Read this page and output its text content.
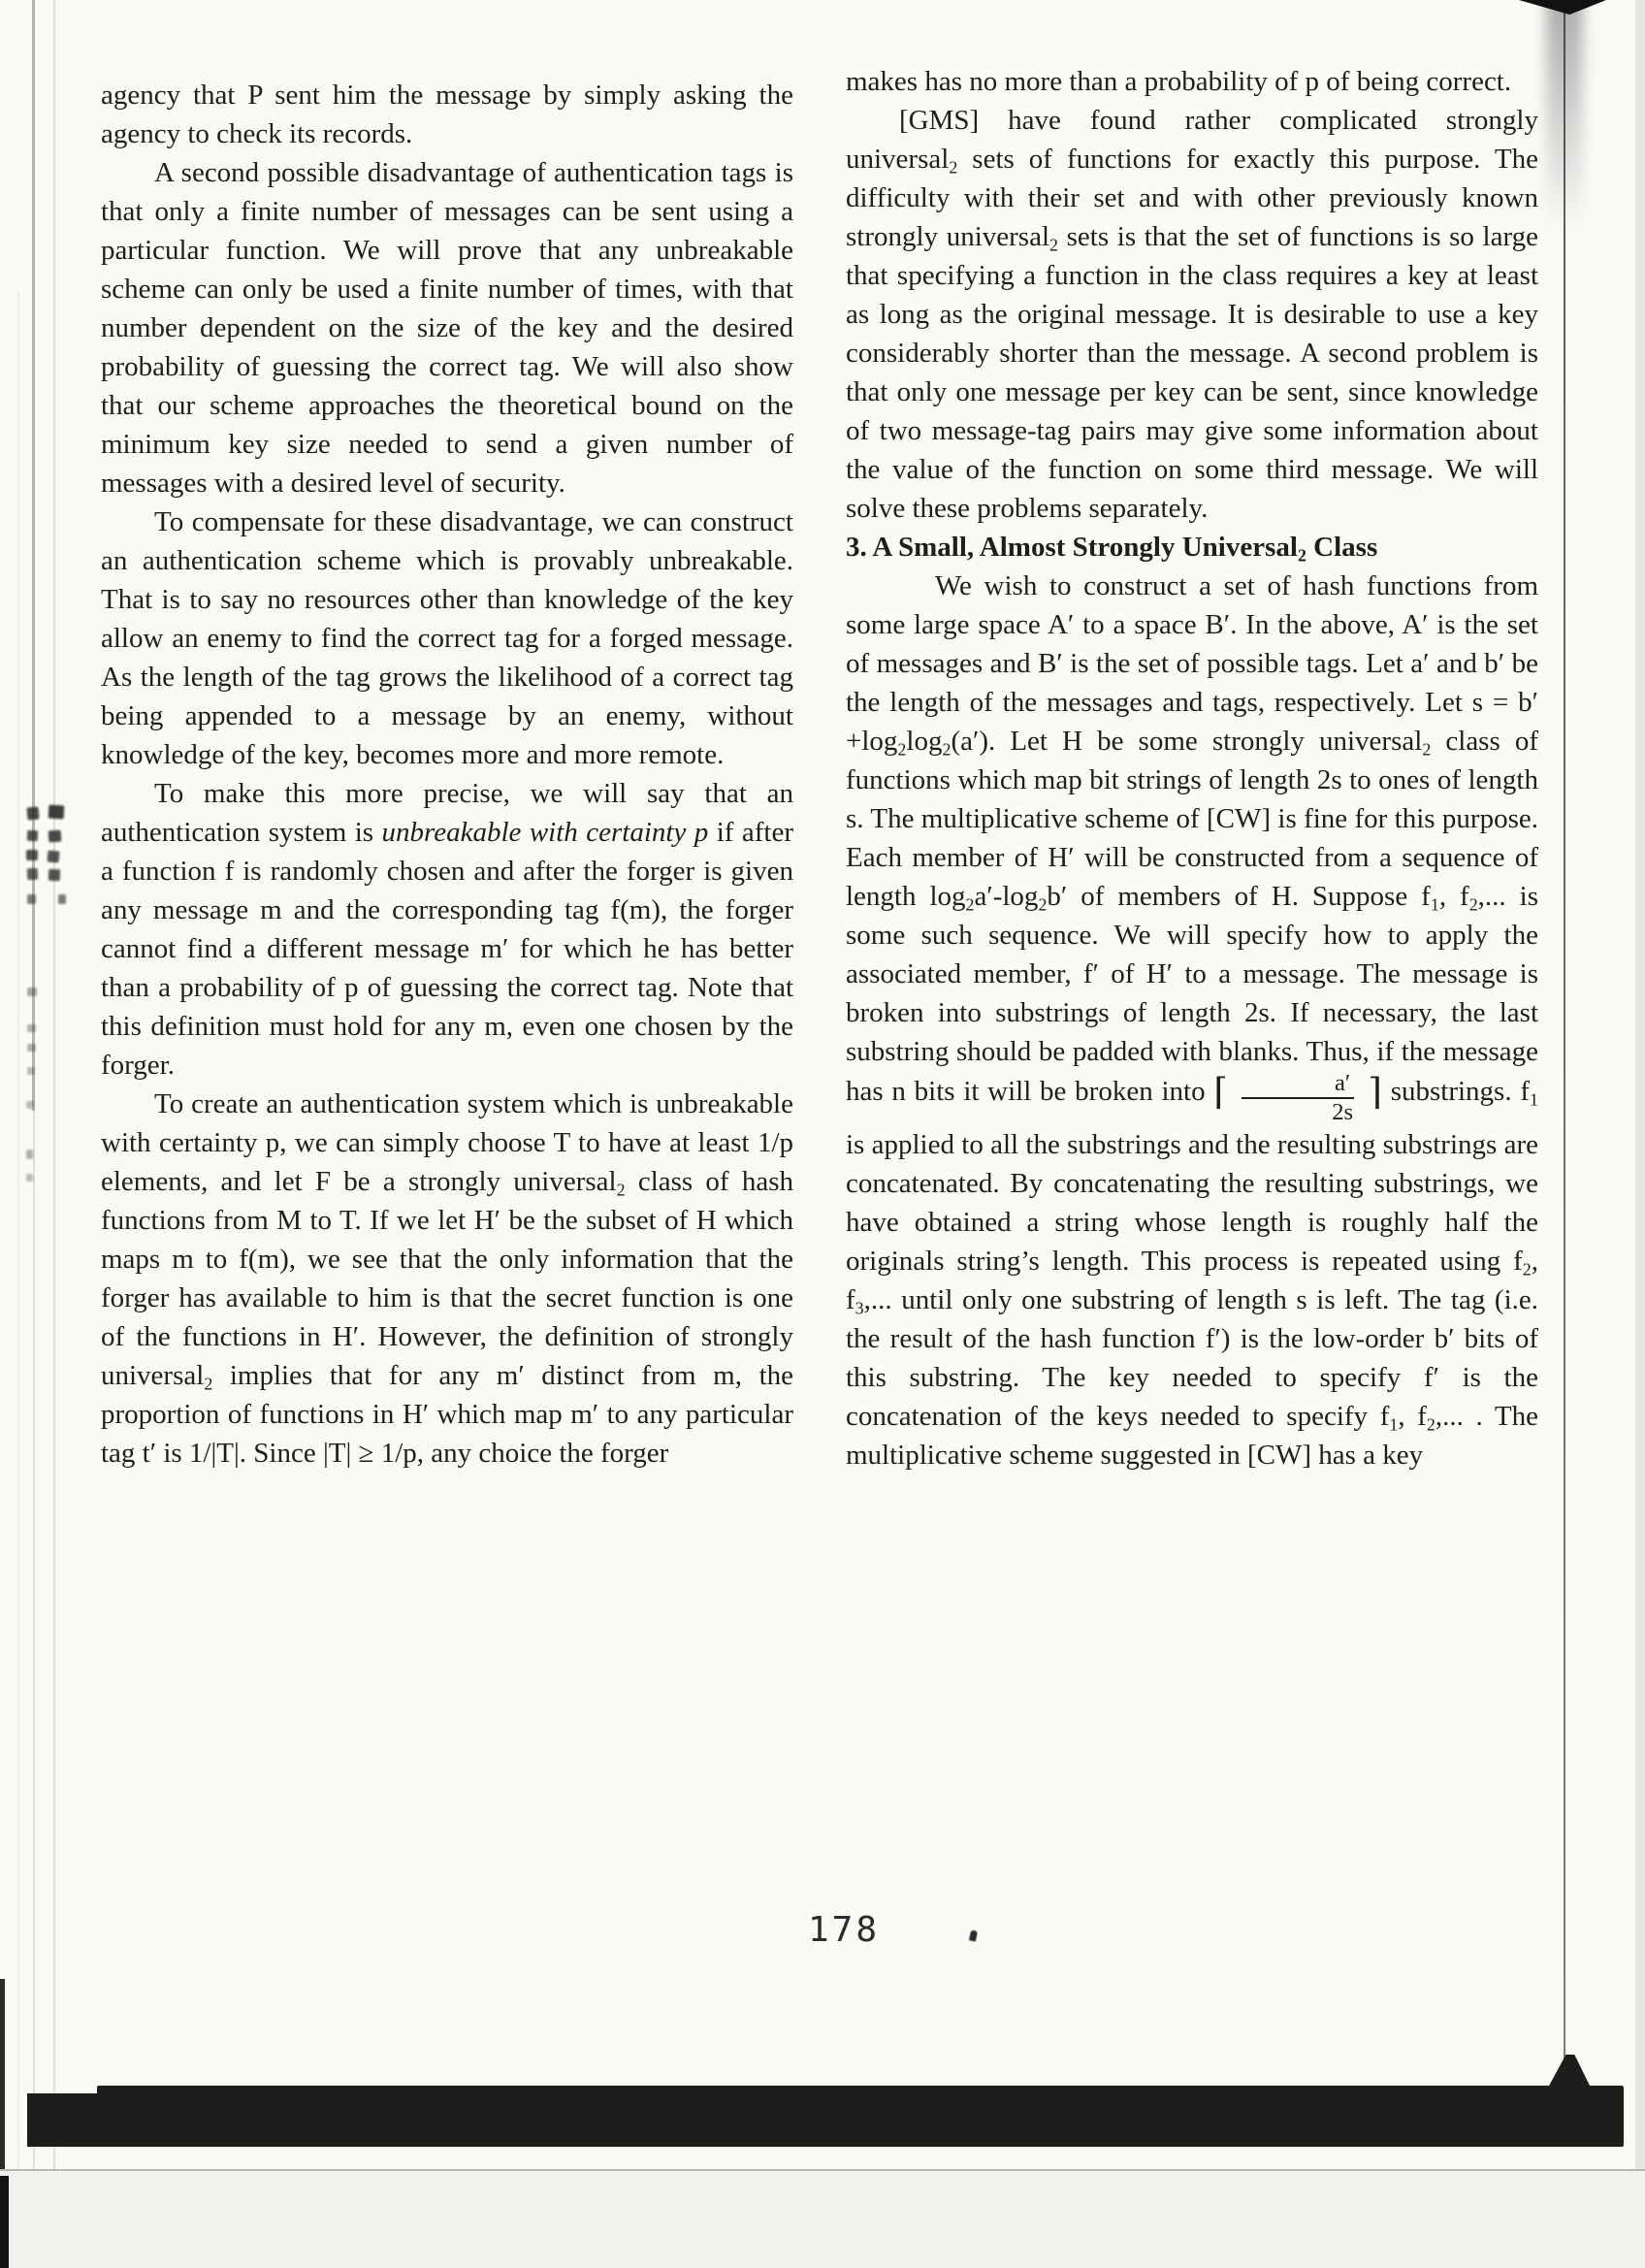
agency that P sent him the message by simply asking the agency to check its records.

A second possible disadvantage of authentication tags is that only a finite number of messages can be sent using a particular function. We will prove that any unbreakable scheme can only be used a finite number of times, with that number dependent on the size of the key and the desired probability of guessing the correct tag. We will also show that our scheme approaches the theoretical bound on the minimum key size needed to send a given number of messages with a desired level of security.

To compensate for these disadvantage, we can construct an authentication scheme which is provably unbreakable. That is to say no resources other than knowledge of the key allow an enemy to find the correct tag for a forged message. As the length of the tag grows the likelihood of a correct tag being appended to a message by an enemy, without knowledge of the key, becomes more and more remote.

To make this more precise, we will say that an authentication system is unbreakable with certainty p if after a function f is randomly chosen and after the forger is given any message m and the corresponding tag f(m), the forger cannot find a different message m′ for which he has better than a probability of p of guessing the correct tag. Note that this definition must hold for any m, even one chosen by the forger.

To create an authentication system which is unbreakable with certainty p, we can simply choose T to have at least 1/p elements, and let F be a strongly universal$_2$ class of hash functions from M to T. If we let H′ be the subset of H which maps m to f(m), we see that the only information that the forger has available to him is that the secret function is one of the functions in H′. However, the definition of strongly universal$_2$ implies that for any m′ distinct from m, the proportion of functions in H′ which map m′ to any particular tag t′ is 1/|T|. Since |T| ≥ 1/p, any choice the forger

makes has no more than a probability of p of being correct.

[GMS] have found rather complicated strongly universal$_2$ sets of functions for exactly this purpose. The difficulty with their set and with other previously known strongly universal$_2$ sets is that the set of functions is so large that specifying a function in the class requires a key at least as long as the original message. It is desirable to use a key considerably shorter than the message. A second problem is that only one message per key can be sent, since knowledge of two message-tag pairs may give some information about the value of the function on some third message. We will solve these problems separately.

3. A Small, Almost Strongly Universal$_2$ Class

We wish to construct a set of hash functions from some large space A′ to a space B′. In the above, A′ is the set of messages and B′ is the set of possible tags. Let a′ and b′ be the length of the messages and tags, respectively. Let $s = b'+\log_2\log_2(a')$. Let H be some strongly universal$_2$ class of functions which map bit strings of length 2s to ones of length s. The multiplicative scheme of [CW] is fine for this purpose. Each member of H′ will be constructed from a sequence of length $\log_2a'-\log_2b'$ of members of H. Suppose $f_1$, $f_2$,... is some such sequence. We will specify how to apply the associated member, f′ of H′ to a message. The message is broken into substrings of length 2s. If necessary, the last substring should be padded with blanks. Thus, if the message has n bits it will be broken into ⌈ $\frac{a'}{2s}$ ⌉ substrings. $f_1$ is applied to all the substrings and the resulting substrings are concatenated. By concatenating the resulting substrings, we have obtained a string whose length is roughly half the originals string’s length. This process is repeated using $f_2$, $f_3$,... until only one substring of length s is left. The tag (i.e. the result of the hash function f′) is the low-order b′ bits of this substring. The key needed to specify f′ is the concatenation of the keys needed to specify $f_1$, $f_2$,... . The multiplicative scheme suggested in [CW] has a key

178
